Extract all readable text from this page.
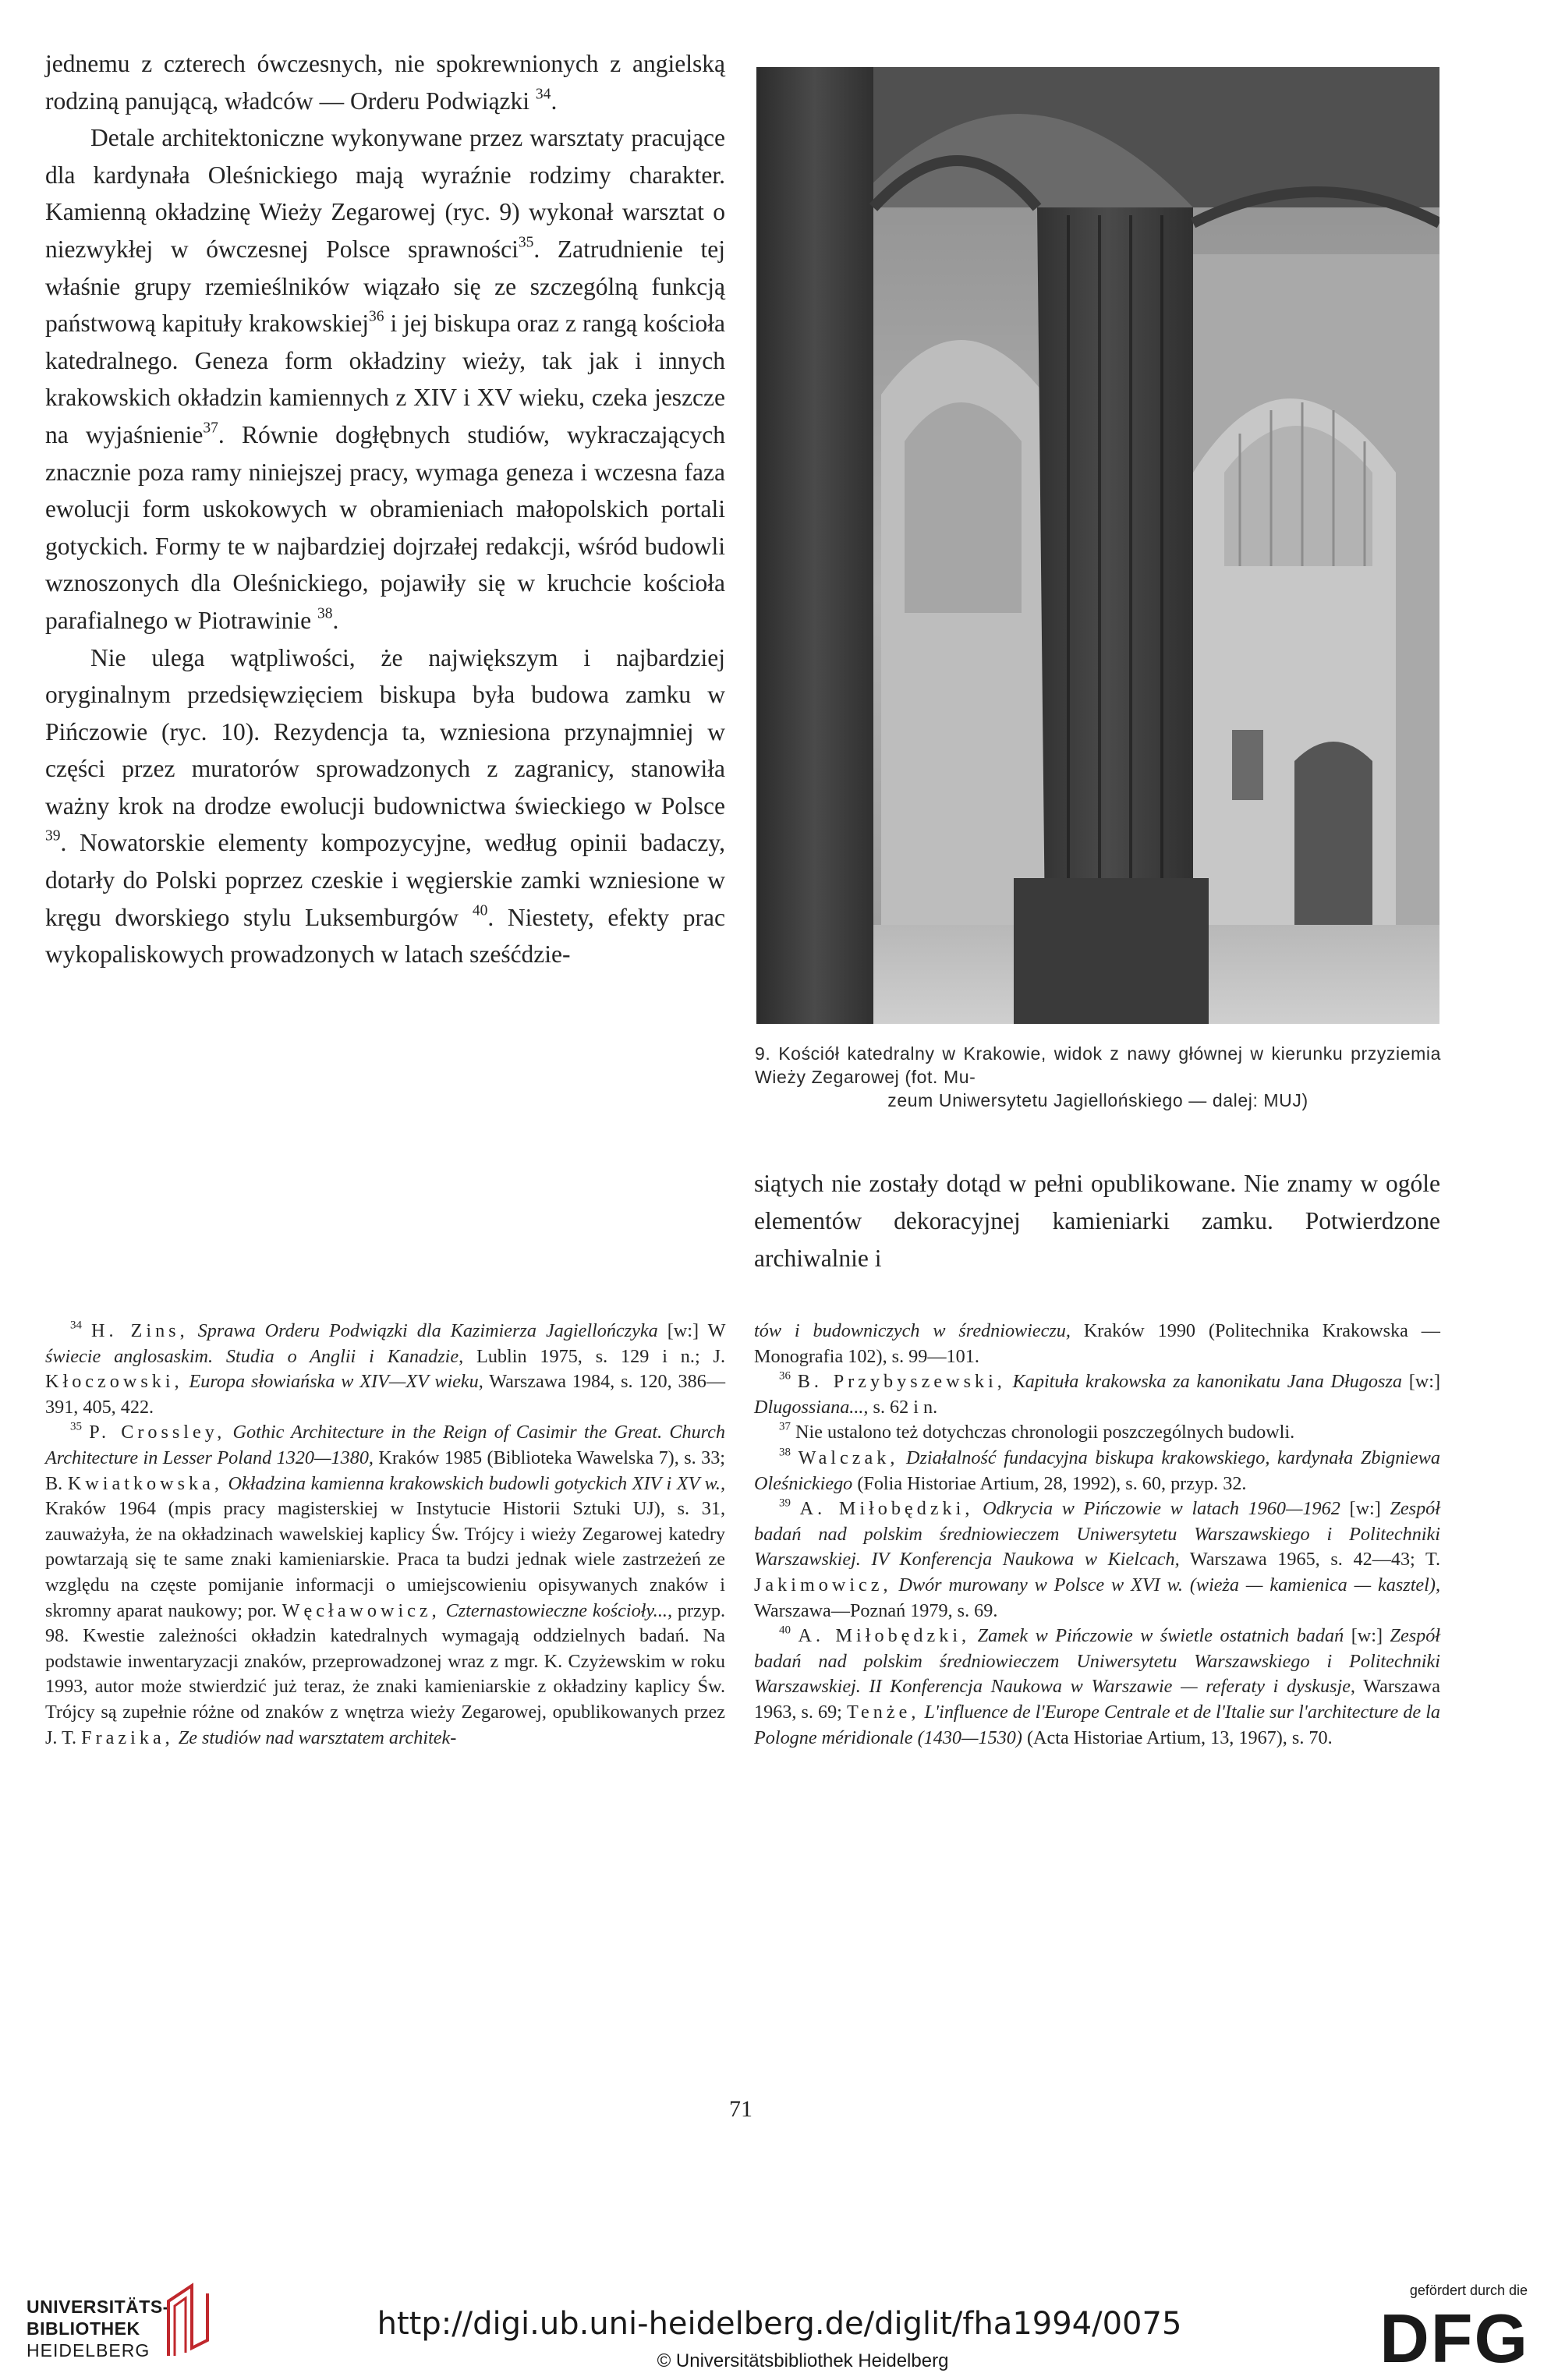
jednemu z czterech ówczesnych, nie spokrewnionych z angielską rodziną panującą, władców — Orderu Podwiązki $^{34}$.

Detale architektoniczne wykonywane przez warsztaty pracujące dla kardynała Oleśnickiego mają wyraźnie rodzimy charakter. Kamienną okładzinę Wieży Zegarowej (ryc. 9) wykonał warsztat o niezwykłej w ówczesnej Polsce sprawności$^{35}$. Zatrudnienie tej właśnie grupy rzemieślników wiązało się ze szczególną funkcją państwową kapituły krakowskiej$^{36}$ i jej biskupa oraz z rangą kościoła katedralnego. Geneza form okładziny wieży, tak jak i innych krakowskich okładzin kamiennych z XIV i XV wieku, czeka jeszcze na wyjaśnienie$^{37}$. Równie dogłębnych studiów, wykraczających znacznie poza ramy niniejszej pracy, wymaga geneza i wczesna faza ewolucji form uskokowych w obramieniach małopolskich portali gotyckich. Formy te w najbardziej dojrzałej redakcji, wśród budowli wznoszonych dla Oleśnickiego, pojawiły się w kruchcie kościoła parafialnego w Piotrawinie $^{38}$.

Nie ulega wątpliwości, że największym i najbardziej oryginalnym przedsięwzięciem biskupa była budowa zamku w Pińczowie (ryc. 10). Rezydencja ta, wzniesiona przynajmniej w części przez muratorów sprowadzonych z zagranicy, stanowiła ważny krok na drodze ewolucji budownictwa świeckiego w Polsce $^{39}$. Nowatorskie elementy kompozycyjne, według opinii badaczy, dotarły do Polski poprzez czeskie i węgierskie zamki wzniesione w kręgu dworskiego stylu Luksemburgów $^{40}$. Niestety, efekty prac wykopaliskowych prowadzonych w latach sześćdzie-

9. Kościół katedralny w Krakowie, widok z nawy głównej w kierunku przyziemia Wieży Zegarowej (fot. Mu-

zeum Uniwersytetu Jagiellońskiego — dalej: MUJ)

siątych nie zostały dotąd w pełni opublikowane. Nie znamy w ogóle elementów dekoracyjnej kamieniarki zamku. Potwierdzone archiwalnie i

$^{34}$ H. Zins, Sprawa Orderu Podwiązki dla Kazimierza Jagiellończyka [w:] W świecie anglosaskim. Studia o Anglii i Kanadzie, Lublin 1975, s. 129 i n.; J. Kłoczowski, Europa słowiańska w XIV—XV wieku, Warszawa 1984, s. 120, 386—391, 405, 422.

$^{35}$ P. Crossley, Gothic Architecture in the Reign of Casimir the Great. Church Architecture in Lesser Poland 1320—1380, Kraków 1985 (Biblioteka Wawelska 7), s. 33; B. Kwiatkowska, Okładzina kamienna krakowskich budowli gotyckich XIV i XV w., Kraków 1964 (mpis pracy magisterskiej w Instytucie Historii Sztuki UJ), s. 31, zauważyła, że na okładzinach wawelskiej kaplicy Św. Trójcy i wieży Zegarowej katedry powtarzają się te same znaki kamieniarskie. Praca ta budzi jednak wiele zastrzeżeń ze względu na częste pomijanie informacji o umiejscowieniu opisywanych znaków i skromny aparat naukowy; por. Węcławowicz, Czternastowieczne kościoły..., przyp. 98. Kwestie zależności okładzin katedralnych wymagają oddzielnych badań. Na podstawie inwentaryzacji znaków, przeprowadzonej wraz z mgr. K. Czyżewskim w roku 1993, autor może stwierdzić już teraz, że znaki kamieniarskie z okładziny kaplicy Św. Trójcy są zupełnie różne od znaków z wnętrza wieży Zegarowej, opublikowanych przez J. T. Frazika, Ze studiów nad warsztatem architek-

tów i budowniczych w średniowieczu, Kraków 1990 (Politechnika Krakowska — Monografia 102), s. 99—101.

$^{36}$ B. Przybyszewski, Kapituła krakowska za kanonikatu Jana Długosza [w:] Dlugossiana..., s. 62 i n.

$^{37}$ Nie ustalono też dotychczas chronologii poszczególnych budowli.

$^{38}$ Walczak, Działalność fundacyjna biskupa krakowskiego, kardynała Zbigniewa Oleśnickiego (Folia Historiae Artium, 28, 1992), s. 60, przyp. 32.

$^{39}$ A. Miłobędzki, Odkrycia w Pińczowie w latach 1960—1962 [w:] Zespół badań nad polskim średniowieczem Uniwersytetu Warszawskiego i Politechniki Warszawskiej. IV Konferencja Naukowa w Kielcach, Warszawa 1965, s. 42—43; T. Jakimowicz, Dwór murowany w Polsce w XVI w. (wieża — kamienica — kasztel), Warszawa—Poznań 1979, s. 69.

$^{40}$ A. Miłobędzki, Zamek w Pińczowie w świetle ostatnich badań [w:] Zespół badań nad polskim średniowieczem Uniwersytetu Warszawskiego i Politechniki Warszawskiej. II Konferencja Naukowa w Warszawie — referaty i dyskusje, Warszawa 1963, s. 69; Tenże, L'influence de l'Europe Centrale et de l'Italie sur l'architecture de la Pologne méridionale (1430—1530) (Acta Historiae Artium, 13, 1967), s. 70.

71
UNIVERSITÄTS-
BIBLIOTHEK
HEIDELBERG
http://digi.ub.uni-heidelberg.de/diglit/fha1994/0075
© Universitätsbibliothek Heidelberg
gefördert durch die
DFG
